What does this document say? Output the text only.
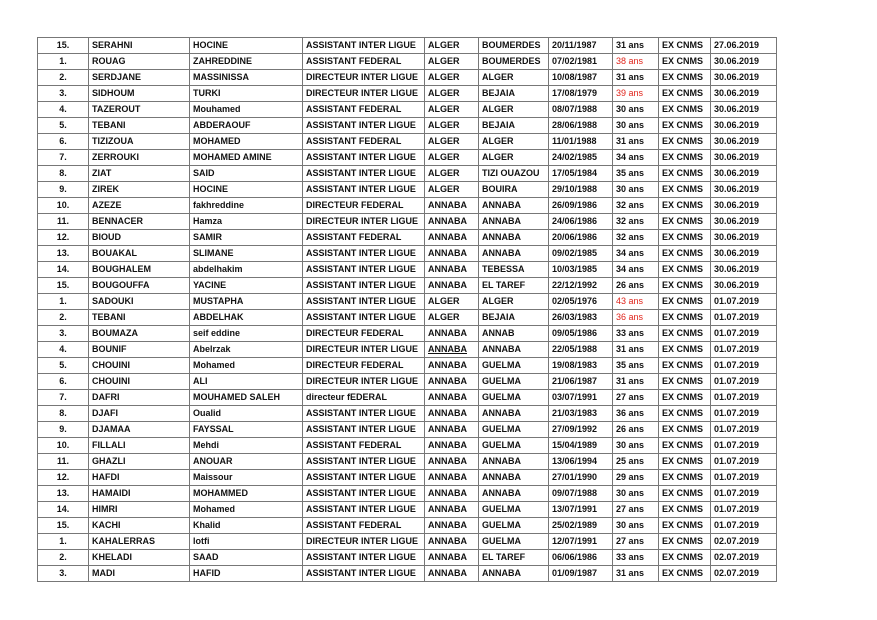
15.	SERAHNI	HOCINE	ASSISTANT INTER LIGUE	ALGER	BOUMERDES	20/11/1987	31 ans	EX CNMS	27.06.2019
1.	ROUAG	ZAHREDDINE	ASSISTANT FEDERAL	ALGER	BOUMERDES	07/02/1981	38 ans	EX CNMS	30.06.2019
2.	SERDJANE	MASSINISSA	DIRECTEUR INTER LIGUE	ALGER	ALGER	10/08/1987	31 ans	EX CNMS	30.06.2019
3.	SIDHOUM	TURKI	DIRECTEUR INTER LIGUE	ALGER	BEJAIA	17/08/1979	39 ans	EX CNMS	30.06.2019
4.	TAZEROUT	Mouhamed	ASSISTANT FEDERAL	ALGER	ALGER	08/07/1988	30 ans	EX CNMS	30.06.2019
5.	TEBANI	ABDERAOUF	ASSISTANT INTER LIGUE	ALGER	BEJAIA	28/06/1988	30 ans	EX CNMS	30.06.2019
6.	TIZIZOUA	MOHAMED	ASSISTANT FEDERAL	ALGER	ALGER	11/01/1988	31 ans	EX CNMS	30.06.2019
7.	ZERROUKI	MOHAMED AMINE	ASSISTANT INTER LIGUE	ALGER	ALGER	24/02/1985	34 ans	EX CNMS	30.06.2019
8.	ZIAT	SAID	ASSISTANT INTER LIGUE	ALGER	TIZI OUAZOU	17/05/1984	35 ans	EX CNMS	30.06.2019
9.	ZIREK	HOCINE	ASSISTANT INTER LIGUE	ALGER	BOUIRA	29/10/1988	30 ans	EX CNMS	30.06.2019
10.	AZEZE	fakhreddine	DIRECTEUR FEDERAL	ANNABA	ANNABA	26/09/1986	32 ans	EX CNMS	30.06.2019
11.	BENNACER	Hamza	DIRECTEUR INTER LIGUE	ANNABA	ANNABA	24/06/1986	32 ans	EX CNMS	30.06.2019
12.	BIOUD	SAMIR	ASSISTANT FEDERAL	ANNABA	ANNABA	20/06/1986	32 ans	EX CNMS	30.06.2019
13.	BOUAKAL	SLIMANE	ASSISTANT INTER LIGUE	ANNABA	ANNABA	09/02/1985	34 ans	EX CNMS	30.06.2019
14.	BOUGHALEM	abdelhakim	ASSISTANT INTER LIGUE	ANNABA	TEBESSA	10/03/1985	34 ans	EX CNMS	30.06.2019
15.	BOUGOUFFA	YACINE	ASSISTANT INTER LIGUE	ANNABA	EL TAREF	22/12/1992	26 ans	EX CNMS	30.06.2019
1.	SADOUKI	MUSTAPHA	ASSISTANT INTER LIGUE	ALGER	ALGER	02/05/1976	43 ans	EX CNMS	01.07.2019
2.	TEBANI	ABDELHAK	ASSISTANT INTER LIGUE	ALGER	BEJAIA	26/03/1983	36 ans	EX CNMS	01.07.2019
3.	BOUMAZA	seif eddine	DIRECTEUR FEDERAL	ANNABA	ANNAB	09/05/1986	33 ans	EX CNMS	01.07.2019
4.	BOUNIF	Abelrzak	DIRECTEUR INTER LIGUE	ANNABA	ANNABA	22/05/1988	31 ans	EX CNMS	01.07.2019
5.	CHOUINI	Mohamed	DIRECTEUR FEDERAL	ANNABA	GUELMA	19/08/1983	35 ans	EX CNMS	01.07.2019
6.	CHOUINI	ALI	DIRECTEUR INTER LIGUE	ANNABA	GUELMA	21/06/1987	31 ans	EX CNMS	01.07.2019
7.	DAFRI	MOUHAMED SALEH	directeur fEDERAL	ANNABA	GUELMA	03/07/1991	27 ans	EX CNMS	01.07.2019
8.	DJAFI	Oualid	ASSISTANT INTER LIGUE	ANNABA	ANNABA	21/03/1983	36 ans	EX CNMS	01.07.2019
9.	DJAMAA	FAYSSAL	ASSISTANT INTER LIGUE	ANNABA	GUELMA	27/09/1992	26 ans	EX CNMS	01.07.2019
10.	FILLALI	Mehdi	ASSISTANT FEDERAL	ANNABA	GUELMA	15/04/1989	30 ans	EX CNMS	01.07.2019
11.	GHAZLI	ANOUAR	ASSISTANT INTER LIGUE	ANNABA	ANNABA	13/06/1994	25 ans	EX CNMS	01.07.2019
12.	HAFDI	Maissour	ASSISTANT INTER LIGUE	ANNABA	ANNABA	27/01/1990	29 ans	EX CNMS	01.07.2019
13.	HAMAIDI	MOHAMMED	ASSISTANT INTER LIGUE	ANNABA	ANNABA	09/07/1988	30 ans	EX CNMS	01.07.2019
14.	HIMRI	Mohamed	ASSISTANT INTER LIGUE	ANNABA	GUELMA	13/07/1991	27 ans	EX CNMS	01.07.2019
15.	KACHI	Khalid	ASSISTANT FEDERAL	ANNABA	GUELMA	25/02/1989	30 ans	EX CNMS	01.07.2019
1.	KAHALERRAS	lotfi	DIRECTEUR INTER LIGUE	ANNABA	GUELMA	12/07/1991	27 ans	EX CNMS	02.07.2019
2.	KHELADI	SAAD	ASSISTANT INTER LIGUE	ANNABA	EL TAREF	06/06/1986	33 ans	EX CNMS	02.07.2019
3.	MADI	HAFID	ASSISTANT INTER LIGUE	ANNABA	ANNABA	01/09/1987	31 ans	EX CNMS	02.07.2019
